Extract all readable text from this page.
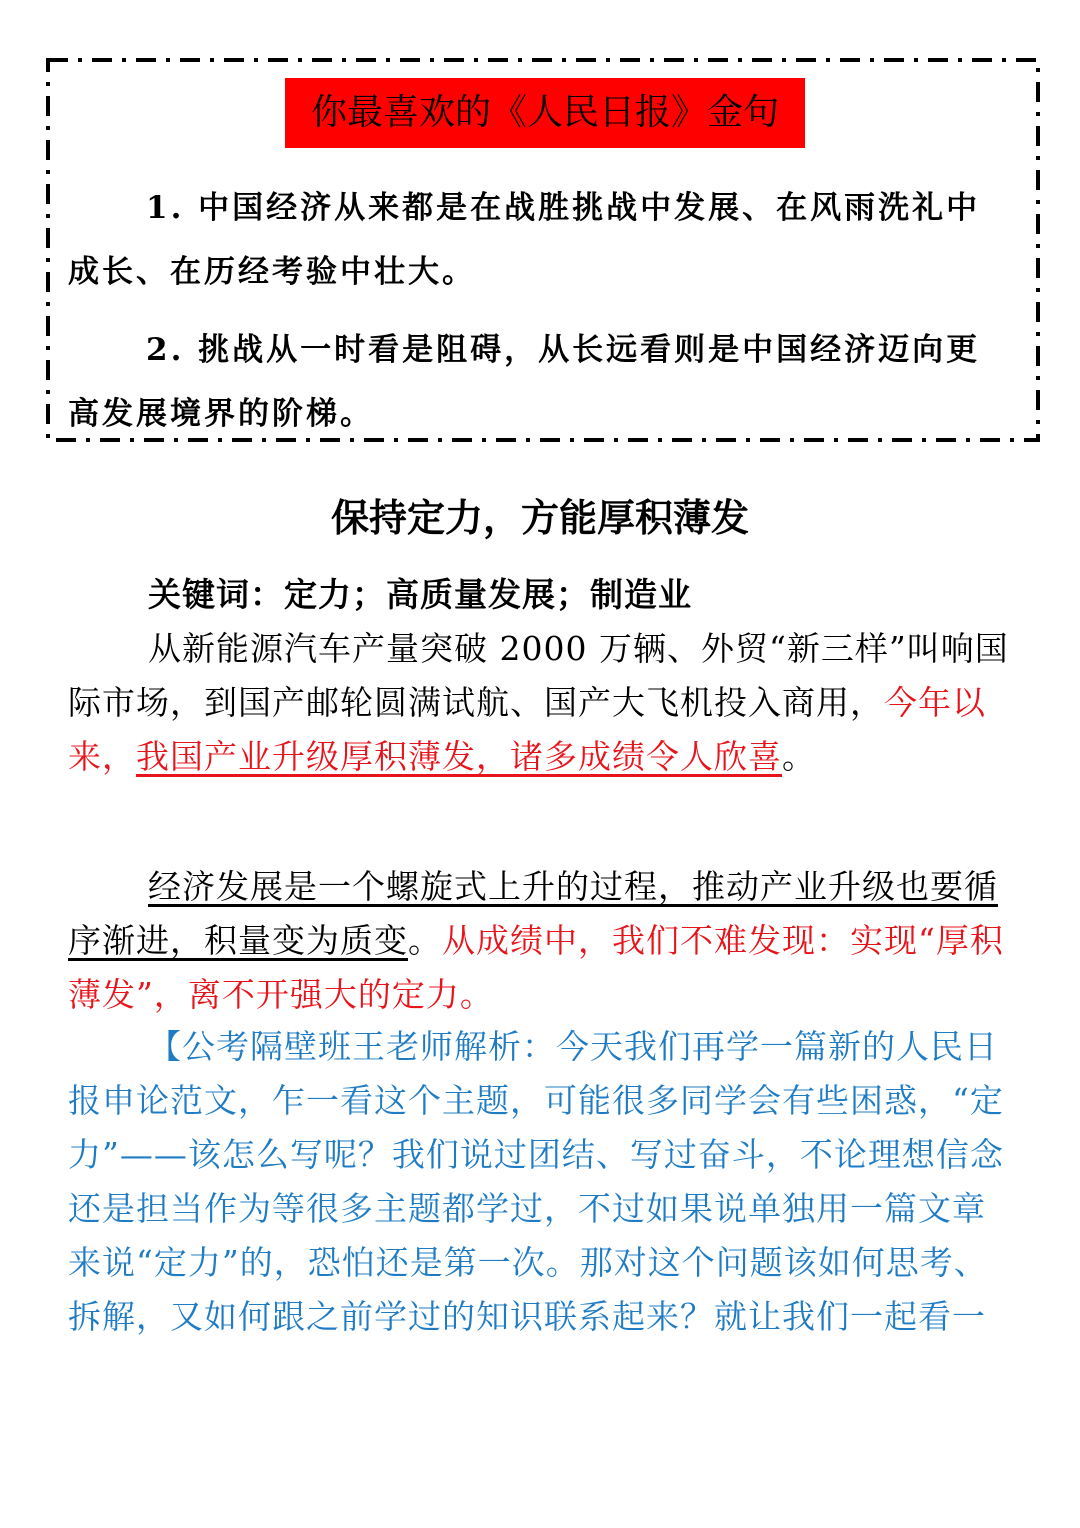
你最喜欢的《人民日报》金句

1. 中国经济从来都是在战胜挑战中发展、在风雨洗礼中成长、在历经考验中壮大。

2. 挑战从一时看是阻碍，从长远看则是中国经济迈向更高发展境界的阶梯。

保持定力，方能厚积薄发

关键词：定力；高质量发展；制造业

从新能源汽车产量突破 2000 万辆、外贸“新三样”叫响国际市场，到国产邮轮圆满试航、国产大飞机投入商用，今年以来，我国产业升级厚积薄发，诸多成绩令人欣喜。

经济发展是一个螺旋式上升的过程，推动产业升级也要循序渐进，积量变为质变。从成绩中，我们不难发现：实现“厚积薄发”，离不开强大的定力。

【公考隔壁班王老师解析：今天我们再学一篇新的人民日报申论范文，乍一看这个主题，可能很多同学会有些困惑，“定力”——该怎么写呢？我们说过团结、写过奋斗，不论理想信念还是担当作为等很多主题都学过，不过如果说单独用一篇文章来说“定力”的，恐怕还是第一次。那对这个问题该如何思考、拆解，又如何跟之前学过的知识联系起来？就让我们一起看一
